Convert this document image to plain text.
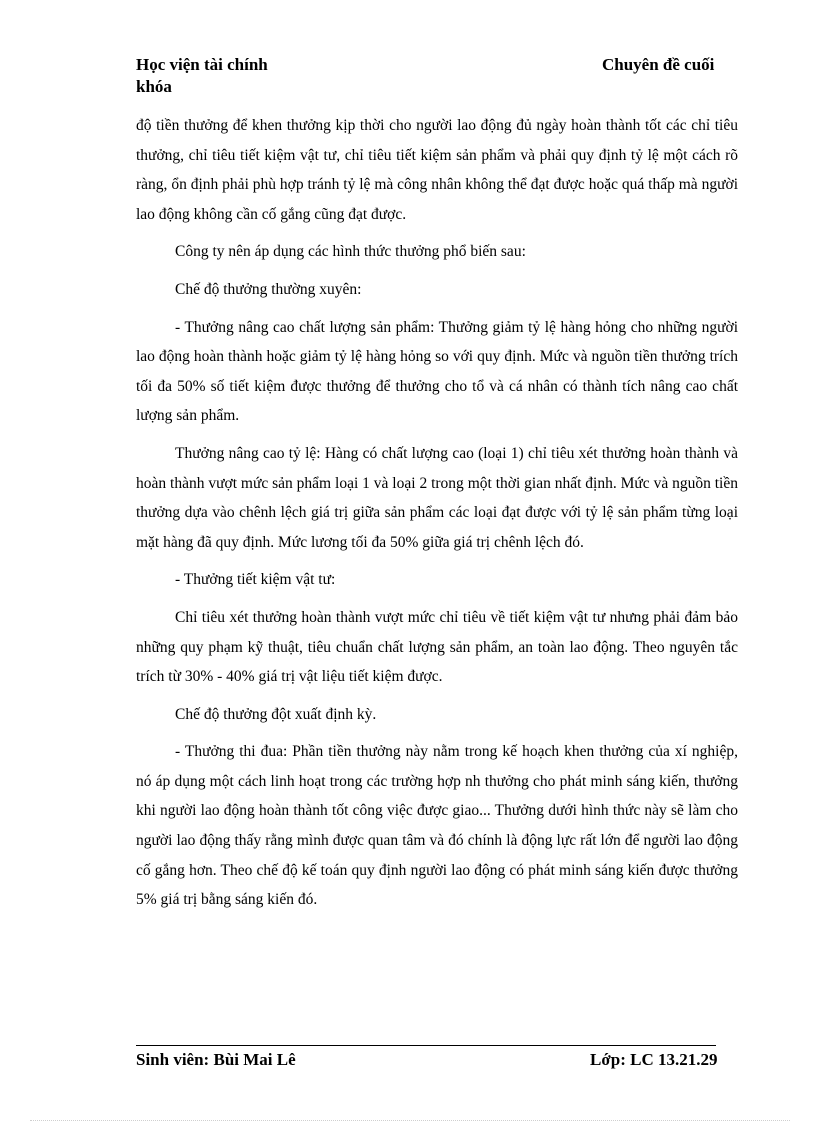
Học viện tài chính	Chuyên đề cuối
khóa

độ tiền thưởng để khen thưởng kịp thời cho người lao động đủ ngày hoàn thành tốt các chỉ tiêu thưởng, chỉ tiêu tiết kiệm vật tư, chỉ tiêu tiết kiệm sản phẩm và phải quy định tỷ lệ một cách rõ ràng, ổn định phải phù hợp tránh tỷ lệ mà công nhân không thể đạt được hoặc quá thấp mà người lao động không cần cố gắng cũng đạt được.

Công ty nên áp dụng các hình thức thưởng phổ biến sau:

Chế độ thưởng thường xuyên:

- Thưởng nâng cao chất lượng sản phẩm: Thưởng giảm tỷ lệ hàng hỏng cho những người lao động hoàn thành hoặc giảm tỷ lệ hàng hỏng so với quy định. Mức và nguồn tiền thưởng trích tối đa 50% số tiết kiệm được thưởng để thưởng cho tổ và cá nhân có thành tích nâng cao chất lượng sản phẩm.

Thưởng nâng cao tỷ lệ: Hàng có chất lượng cao (loại 1) chỉ tiêu xét thưởng hoàn thành và hoàn thành vượt mức sản phẩm loại 1 và loại 2 trong một thời gian nhất định. Mức và nguồn tiền thưởng dựa vào chênh lệch giá trị giữa sản phẩm các loại đạt được với tỷ lệ sản phẩm từng loại mặt hàng đã quy định. Mức lương tối đa 50% giữa giá trị chênh lệch đó.

- Thưởng tiết kiệm vật tư:

Chỉ tiêu xét thưởng hoàn thành vượt mức chỉ tiêu về tiết kiệm vật tư nhưng phải đảm bảo những quy phạm kỹ thuật, tiêu chuẩn chất lượng sản phẩm, an toàn lao động. Theo nguyên tắc trích từ 30% - 40% giá trị vật liệu tiết kiệm được.

Chế độ thưởng đột xuất định kỳ.

- Thưởng thi đua: Phần tiền thưởng này nằm trong kế hoạch khen thưởng của xí nghiệp, nó áp dụng một cách linh hoạt trong các trường hợp nh thưởng cho phát minh sáng kiến, thưởng khi người lao động hoàn thành tốt công việc được giao... Thưởng dưới hình thức này sẽ làm cho người lao động thấy rằng mình được quan tâm và đó chính là động lực rất lớn để người lao động cố gắng hơn. Theo chế độ kế toán quy định người lao động có phát minh sáng kiến được thưởng 5% giá trị bằng sáng kiến đó.

Sinh viên: Bùi Mai Lê	Lớp: LC 13.21.29
